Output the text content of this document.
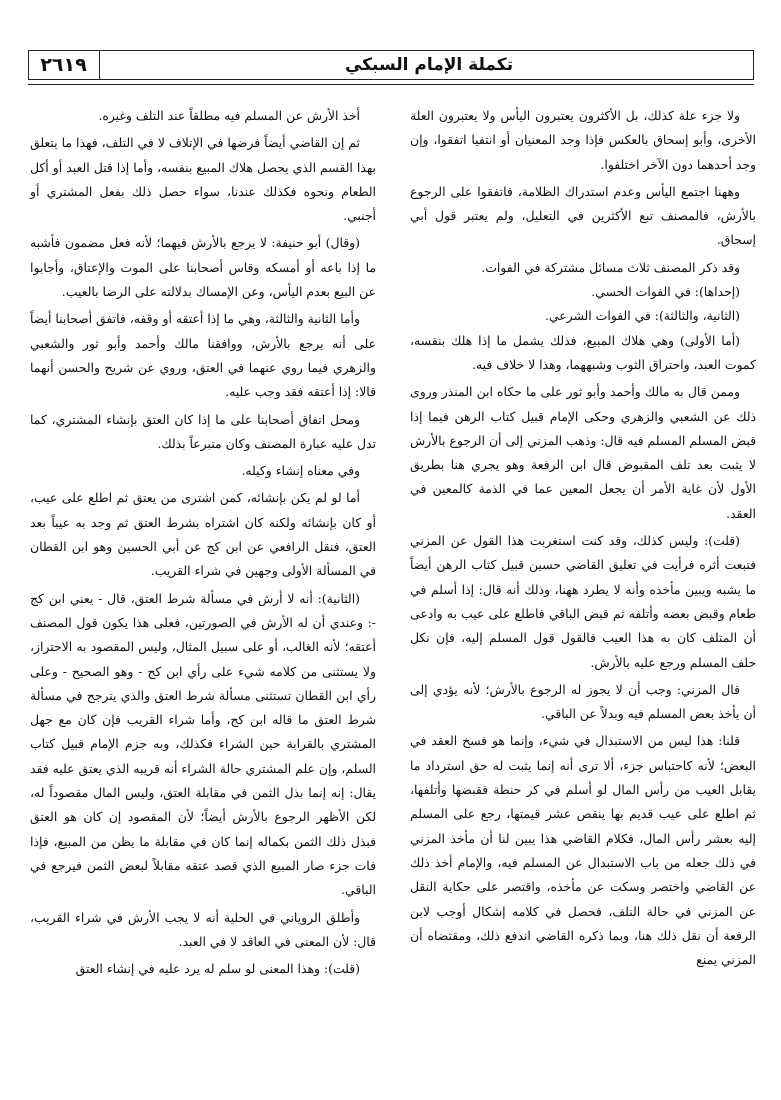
٢٦١٩	تكملة الإمام السبكي

ولا جزء علة كذلك، بل الأكثرون يعتبرون اليأس ولا يعتبرون العلة الأخرى، وأبو إسحاق بالعكس فإذا وجد المعنيان أو انتفيا اتفقوا، وإن وجد أحدهما دون الآخر اختلفوا.

وههنا اجتمع اليأس وعدم استدراك الظلامة، فاتفقوا على الرجوع بالأرش، فالمصنف تبع الأكثرين في التعليل، ولم يعتبر قول أبي إسحاق.

وقد ذكر المصنف ثلاث مسائل مشتركة في الفوات.

(إحداها): في الفوات الحسي.

(الثانية، والثالثة): في الفوات الشرعي.

(أما الأولى) وهي هلاك المبيع، فذلك يشمل ما إذا هلك بنفسه، كموت العبد، واحتراق الثوب وشبههما، وهذا لا خلاف فيه.

وممن قال به مالك وأحمد وأبو ثور على ما حكاه ابن المنذر وروى ذلك عن الشعبي والزهري وحكى الإمام قبيل كتاب الرهن فيما إذا قبض المسلم المسلم فيه قال: وذهب المزني إلى أن الرجوع بالأرش لا يثبت بعد تلف المقبوض قال ابن الرفعة وهو يجري هنا بطريق الأول لأن غاية الأمر أن يجعل المعين عما في الذمة كالمعين في العقد.

(قلت): وليس كذلك، وقد كنت استغربت هذا القول عن المزني فتبعت أثره فرأيت في تعليق القاضي حسين قبيل كتاب الرهن أيضاً ما يشبه ويبين مأخذه وأنه لا يطرد ههنا، وذلك أنه قال: إذا أسلم في طعام وقبض بعضه وأتلفه ثم قبض الباقي فاطلع على عيب به وادعى أن المتلف كان به هذا العيب فالقول قول المسلم إليه، فإن نكل حلف المسلم ورجع عليه بالأرش.

قال المزني: وجب أن لا يجوز له الرجوع بالأرش؛ لأنه يؤدي إلى أن يأخذ بعض المسلم فيه وبدلاً عن الباقي.

قلنا: هذا ليس من الاستبدال في شيء، وإنما هو فسخ العقد في البعض؛ لأنه كاحتباس جزء، ألا ترى أنه إنما يثبت له حق استرداد ما يقابل العيب من رأس المال لو أسلم في كر حنطة فقبضها وأتلفها، ثم اطلع على عيب قديم بها ينقص عشر قيمتها، رجع على المسلم إليه بعشر رأس المال، فكلام القاضي هذا يبين لنا أن مأخذ المزني في ذلك جعله من باب الاستبدال عن المسلم فيه، والإمام أخذ ذلك عن القاضي واختصر وسكت عن مأخذه، واقتصر على حكاية النقل عن المزني في حالة التلف، فحصل في كلامه إشكال أوجب لابن الرفعة أن نقل ذلك هنا، وبما ذكره القاضي اندفع ذلك، ومقتضاه أن المزني يمنع

أخذ الأرش عن المسلم فيه مطلقاً عند التلف وغيره.

ثم إن القاضي أيضاً فرضها في الإتلاف لا في التلف، فهذا ما يتعلق بهذا القسم الذي يحصل هلاك المبيع بنفسه، وأما إذا قتل العبد أو أكل الطعام ونحوه فكذلك عندنا، سواء حصل ذلك بفعل المشتري أو أجنبي.

(وقال) أبو حنيفة: لا يرجع بالأرش فيهما؛ لأنه فعل مضمون فأشبه ما إذا باعه أو أمسكه وقاس أصحابنا على الموت والإعتاق، وأجابوا عن البيع بعدم اليأس، وعن الإمساك بدلالته على الرضا بالعيب.

وأما الثانية والثالثة، وهي ما إذا أعتقه أو وقفه، فاتفق أصحابنا أيضاً على أنه يرجع بالأرش، ووافقنا مالك وأحمد وأبو ثور والشعبي والزهري فيما روي عنهما في العتق، وروي عن شريح والحسن أنهما قالا: إذا أعتقه فقد وجب عليه.

ومحل اتفاق أصحابنا على ما إذا كان العتق بإنشاء المشتري، كما تدل عليه عبارة المصنف وكان متبرعاً بذلك.

وفي معناه إنشاء وكيله.

أما لو لم يكن بإنشائه، كمن اشترى من يعتق ثم اطلع على عيب، أو كان بإنشائه ولكنه كان اشتراه بشرط العتق ثم وجد به عيباً بعد العتق، فنقل الرافعي عن ابن كج عن أبي الحسين وهو ابن القطان في المسألة الأولى وجهين في شراء القريب.

(الثانية): أنه لا أرش في مسألة شرط العتق، قال - يعني ابن كج -: وعندي أن له الأرش في الصورتين، فعلى هذا يكون قول المصنف أعتقه؛ لأنه الغالب، أو على سبيل المثال، وليس المقصود به الاحتراز، ولا يستثنى من كلامه شيء على رأي ابن كج - وهو الصحيح - وعلى رأي ابن القطان تستثنى مسألة شرط العتق والذي يترجح في مسألة شرط العتق ما قاله ابن كج، وأما شراء القريب فإن كان مع جهل المشتري بالقرابة حين الشراء فكذلك، وبه جزم الإمام قبيل كتاب السلم، وإن علم المشتري حالة الشراء أنه قريبه الذي يعتق عليه فقد يقال: إنه إنما بذل الثمن في مقابلة العتق، وليس المال مقصوداً له، لكن الأظهر الرجوع بالأرش أيضاً؛ لأن المقصود إن كان هو العتق فبذل ذلك الثمن بكماله إنما كان في مقابلة ما يظن من المبيع، فإذا فات جزء صار المبيع الذي قصد عتقه مقابلاً لبعض الثمن فيرجع في الباقي.

وأطلق الروياني في الحلية أنه لا يجب الأرش في شراء القريب، قال: لأن المعنى في العاقد لا في العبد.

(قلت): وهذا المعنى لو سلم له يرد عليه في إنشاء العتق
